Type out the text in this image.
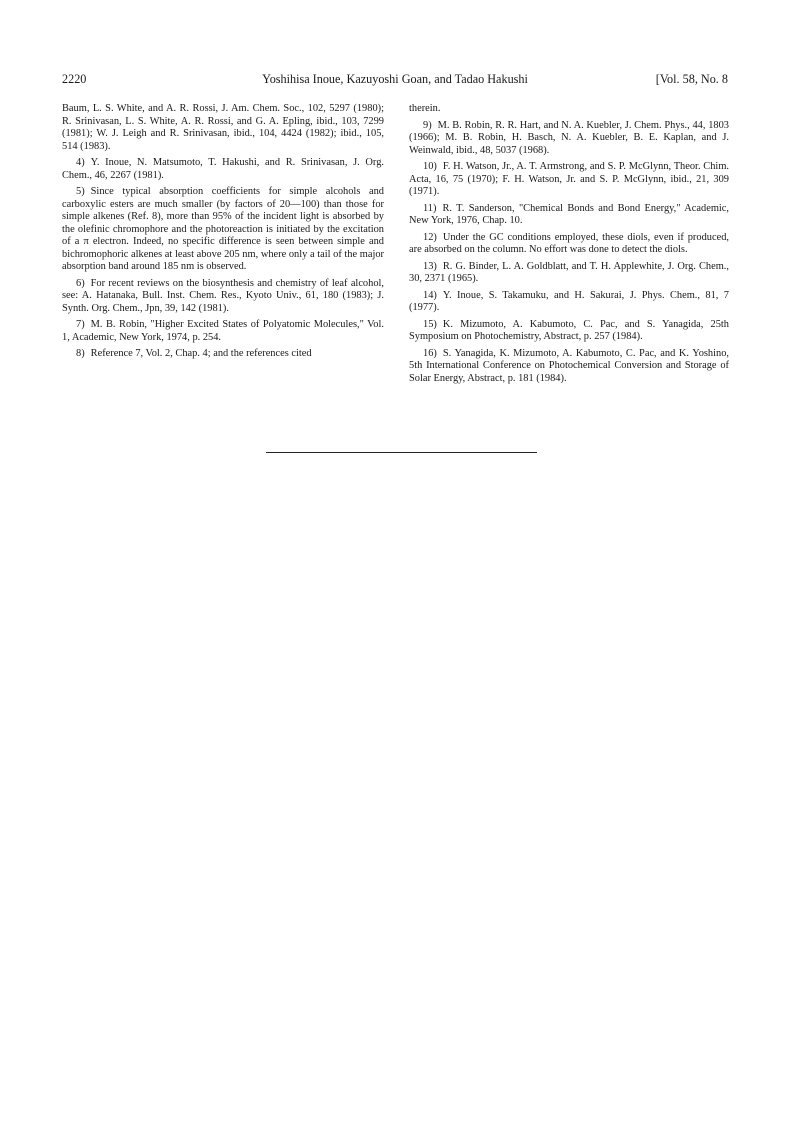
2220	Yoshihisa Inoue, Kazuyoshi Goan, and Tadao Hakushi	[Vol. 58, No. 8

Baum, L. S. White, and A. R. Rossi, J. Am. Chem. Soc., 102, 5297 (1980); R. Srinivasan, L. S. White, A. R. Rossi, and G. A. Epling, ibid., 103, 7299 (1981); W. J. Leigh and R. Srinivasan, ibid., 104, 4424 (1982); ibid., 105, 514 (1983).

4) Y. Inoue, N. Matsumoto, T. Hakushi, and R. Srinivasan, J. Org. Chem., 46, 2267 (1981).

5) Since typical absorption coefficients for simple alcohols and carboxylic esters are much smaller (by factors of 20—100) than those for simple alkenes (Ref. 8), more than 95% of the incident light is absorbed by the olefinic chromophore and the photoreaction is initiated by the excitation of a π electron. Indeed, no specific difference is seen between simple and bichromophoric alkenes at least above 205 nm, where only a tail of the major absorption band around 185 nm is observed.

6) For recent reviews on the biosynthesis and chemistry of leaf alcohol, see: A. Hatanaka, Bull. Inst. Chem. Res., Kyoto Univ., 61, 180 (1983); J. Synth. Org. Chem., Jpn, 39, 142 (1981).

7) M. B. Robin, "Higher Excited States of Polyatomic Molecules," Vol. 1, Academic, New York, 1974, p. 254.

8) Reference 7, Vol. 2, Chap. 4; and the references cited

therein.

9) M. B. Robin, R. R. Hart, and N. A. Kuebler, J. Chem. Phys., 44, 1803 (1966); M. B. Robin, H. Basch, N. A. Kuebler, B. E. Kaplan, and J. Weinwald, ibid., 48, 5037 (1968).

10) F. H. Watson, Jr., A. T. Armstrong, and S. P. McGlynn, Theor. Chim. Acta, 16, 75 (1970); F. H. Watson, Jr. and S. P. McGlynn, ibid., 21, 309 (1971).

11) R. T. Sanderson, "Chemical Bonds and Bond Energy," Academic, New York, 1976, Chap. 10.

12) Under the GC conditions employed, these diols, even if produced, are absorbed on the column. No effort was done to detect the diols.

13) R. G. Binder, L. A. Goldblatt, and T. H. Applewhite, J. Org. Chem., 30, 2371 (1965).

14) Y. Inoue, S. Takamuku, and H. Sakurai, J. Phys. Chem., 81, 7 (1977).

15) K. Mizumoto, A. Kabumoto, C. Pac, and S. Yanagida, 25th Symposium on Photochemistry, Abstract, p. 257 (1984).

16) S. Yanagida, K. Mizumoto, A. Kabumoto, C. Pac, and K. Yoshino, 5th International Conference on Photochemical Conversion and Storage of Solar Energy, Abstract, p. 181 (1984).
